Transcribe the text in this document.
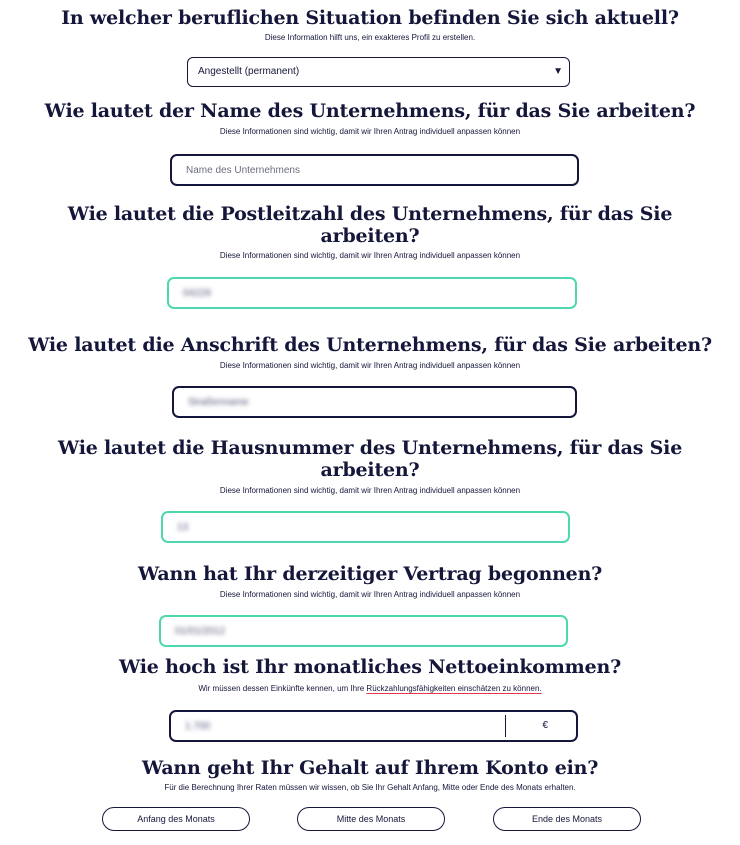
In welcher beruflichen Situation befinden Sie sich aktuell?

Diese Information hilft uns, ein exakteres Profil zu erstellen.

Angestellt (permanent)	▼
Wie lautet der Name des Unternehmens, für das Sie arbeiten?

Diese Informationen sind wichtig, damit wir Ihren Antrag individuell anpassen können

Name des Unternehmens
Wie lautet die Postleitzahl des Unternehmens, für das Sie
arbeiten?

Diese Informationen sind wichtig, damit wir Ihren Antrag individuell anpassen können

04229
Wie lautet die Anschrift des Unternehmens, für das Sie arbeiten?

Diese Informationen sind wichtig, damit wir Ihren Antrag individuell anpassen können

Straßenname
Wie lautet die Hausnummer des Unternehmens, für das Sie
arbeiten?

Diese Informationen sind wichtig, damit wir Ihren Antrag individuell anpassen können

13
Wann hat Ihr derzeitiger Vertrag begonnen?

Diese Informationen sind wichtig, damit wir Ihren Antrag individuell anpassen können

01/01/2012
Wie hoch ist Ihr monatliches Nettoeinkommen?

Wir müssen dessen Einkünfte kennen, um Ihre Rückzahlungsfähigkeiten einschätzen zu können.

1.700
€
Wann geht Ihr Gehalt auf Ihrem Konto ein?

Für die Berechnung Ihrer Raten müssen wir wissen, ob Sie Ihr Gehalt Anfang, Mitte oder Ende des Monats erhalten.

Anfang des Monats	Mitte des Monats	Ende des Monats
